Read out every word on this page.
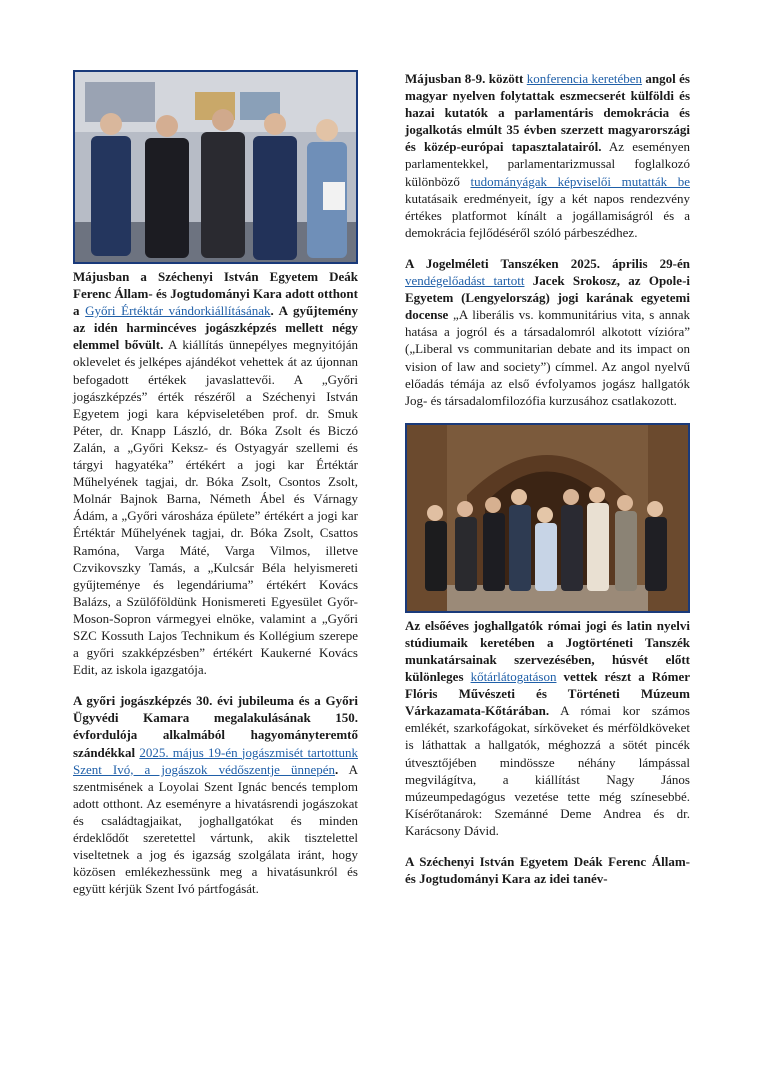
Májusban a Széchenyi István Egyetem Deák Ferenc Állam- és Jogtudományi Kara adott otthont a Győri Értéktár vándorkiállításának. A gyűjtemény az idén harmincéves jogászképzés mellett négy elemmel bővült. A kiállítás ünnepélyes megnyitóján oklevelet és jelképes ajándékot vehettek át az újonnan befogadott értékek javaslattevői. A „Győri jogászképzés” érték részéről a Széchenyi István Egyetem jogi kara képviseletében prof. dr. Smuk Péter, dr. Knapp László, dr. Bóka Zsolt és Biczó Zalán, a „Győri Keksz- és Ostyagyár szellemi és tárgyi hagyatéka” értékért a jogi kar Értéktár Műhelyének tagjai, dr. Bóka Zsolt, Csontos Zsolt, Molnár Bajnok Barna, Németh Ábel és Várnagy Ádám, a „Győri városháza épülete” értékért a jogi kar Értéktár Műhelyének tagjai, dr. Bóka Zsolt, Csattos Ramóna, Varga Máté, Varga Vilmos, illetve Czvikovszky Tamás, a „Kulcsár Béla helyismereti gyűjteménye és legendáriuma” értékért Kovács Balázs, a Szülőföldünk Honismereti Egyesület Győr-Moson-Sopron vármegyei elnöke, valamint a „Győri SZC Kossuth Lajos Technikum és Kollégium szerepe a győri szakképzésben” értékért Kaukerné Kovács Edit, az iskola igazgatója.

A győri jogászképzés 30. évi jubileuma és a Győri Ügyvédi Kamara megalakulásának 150. évfordulója alkalmából hagyományteremtő szándékkal 2025. május 19-én jogászmisét tartottunk Szent Ivó, a jogászok védőszentje ünnepén. A szentmisének a Loyolai Szent Ignác bencés templom adott otthont. Az eseményre a hivatásrendi jogászokat és családtagjaikat, joghallgatókat és minden érdeklődőt szeretettel vártunk, akik tisztelettel viseltetnek a jog és igazság szolgálata iránt, hogy közösen emlékezhessünk meg a hivatásunkról és együtt kérjük Szent Ivó pártfogását.

Májusban 8-9. között konferencia keretében angol és magyar nyelven folytattak eszmecserét külföldi és hazai kutatók a parlamentáris demokrácia és jogalkotás elmúlt 35 évben szerzett magyarországi és közép-európai tapasztalatairól. Az eseményen parlamentekkel, parlamentarizmussal foglalkozó különböző tudományágak képviselői mutatták be kutatásaik eredményeit, így a két napos rendezvény értékes platformot kínált a jogállamiságról és a demokrácia fejlődéséről szóló párbeszédhez.

A Jogelméleti Tanszéken 2025. április 29-én vendégelőadást tartott Jacek Srokosz, az Opole-i Egyetem (Lengyelország) jogi karának egyetemi docense „A liberális vs. kommunitárius vita, s annak hatása a jogról és a társadalomról alkotott vízióra” („Liberal vs communitarian debate and its impact on vision of law and society”) címmel. Az angol nyelvű előadás témája az első évfolyamos jogász hallgatók Jog- és társadalomfilozófia kurzusához csatlakozott.

Az elsőéves joghallgatók római jogi és latin nyelvi stúdiumaik keretében a Jogtörténeti Tanszék munkatársainak szervezésében, húsvét előtt különleges kőtárlátogatáson vettek részt a Rómer Flóris Művészeti és Történeti Múzeum Várkazamata-Kőtárában. A római kor számos emlékét, szarkofágokat, sírköveket és mérföldköveket is láthattak a hallgatók, méghozzá a sötét pincék útvesztőjében mindössze néhány lámpással megvilágítva, a kiállítást Nagy János múzeumpedagógus vezetése tette még színesebbé. Kísérőtanárok: Szemánné Deme Andrea és dr. Karácsony Dávid.

A Széchenyi István Egyetem Deák Ferenc Állam- és Jogtudományi Kara az idei tanév-
